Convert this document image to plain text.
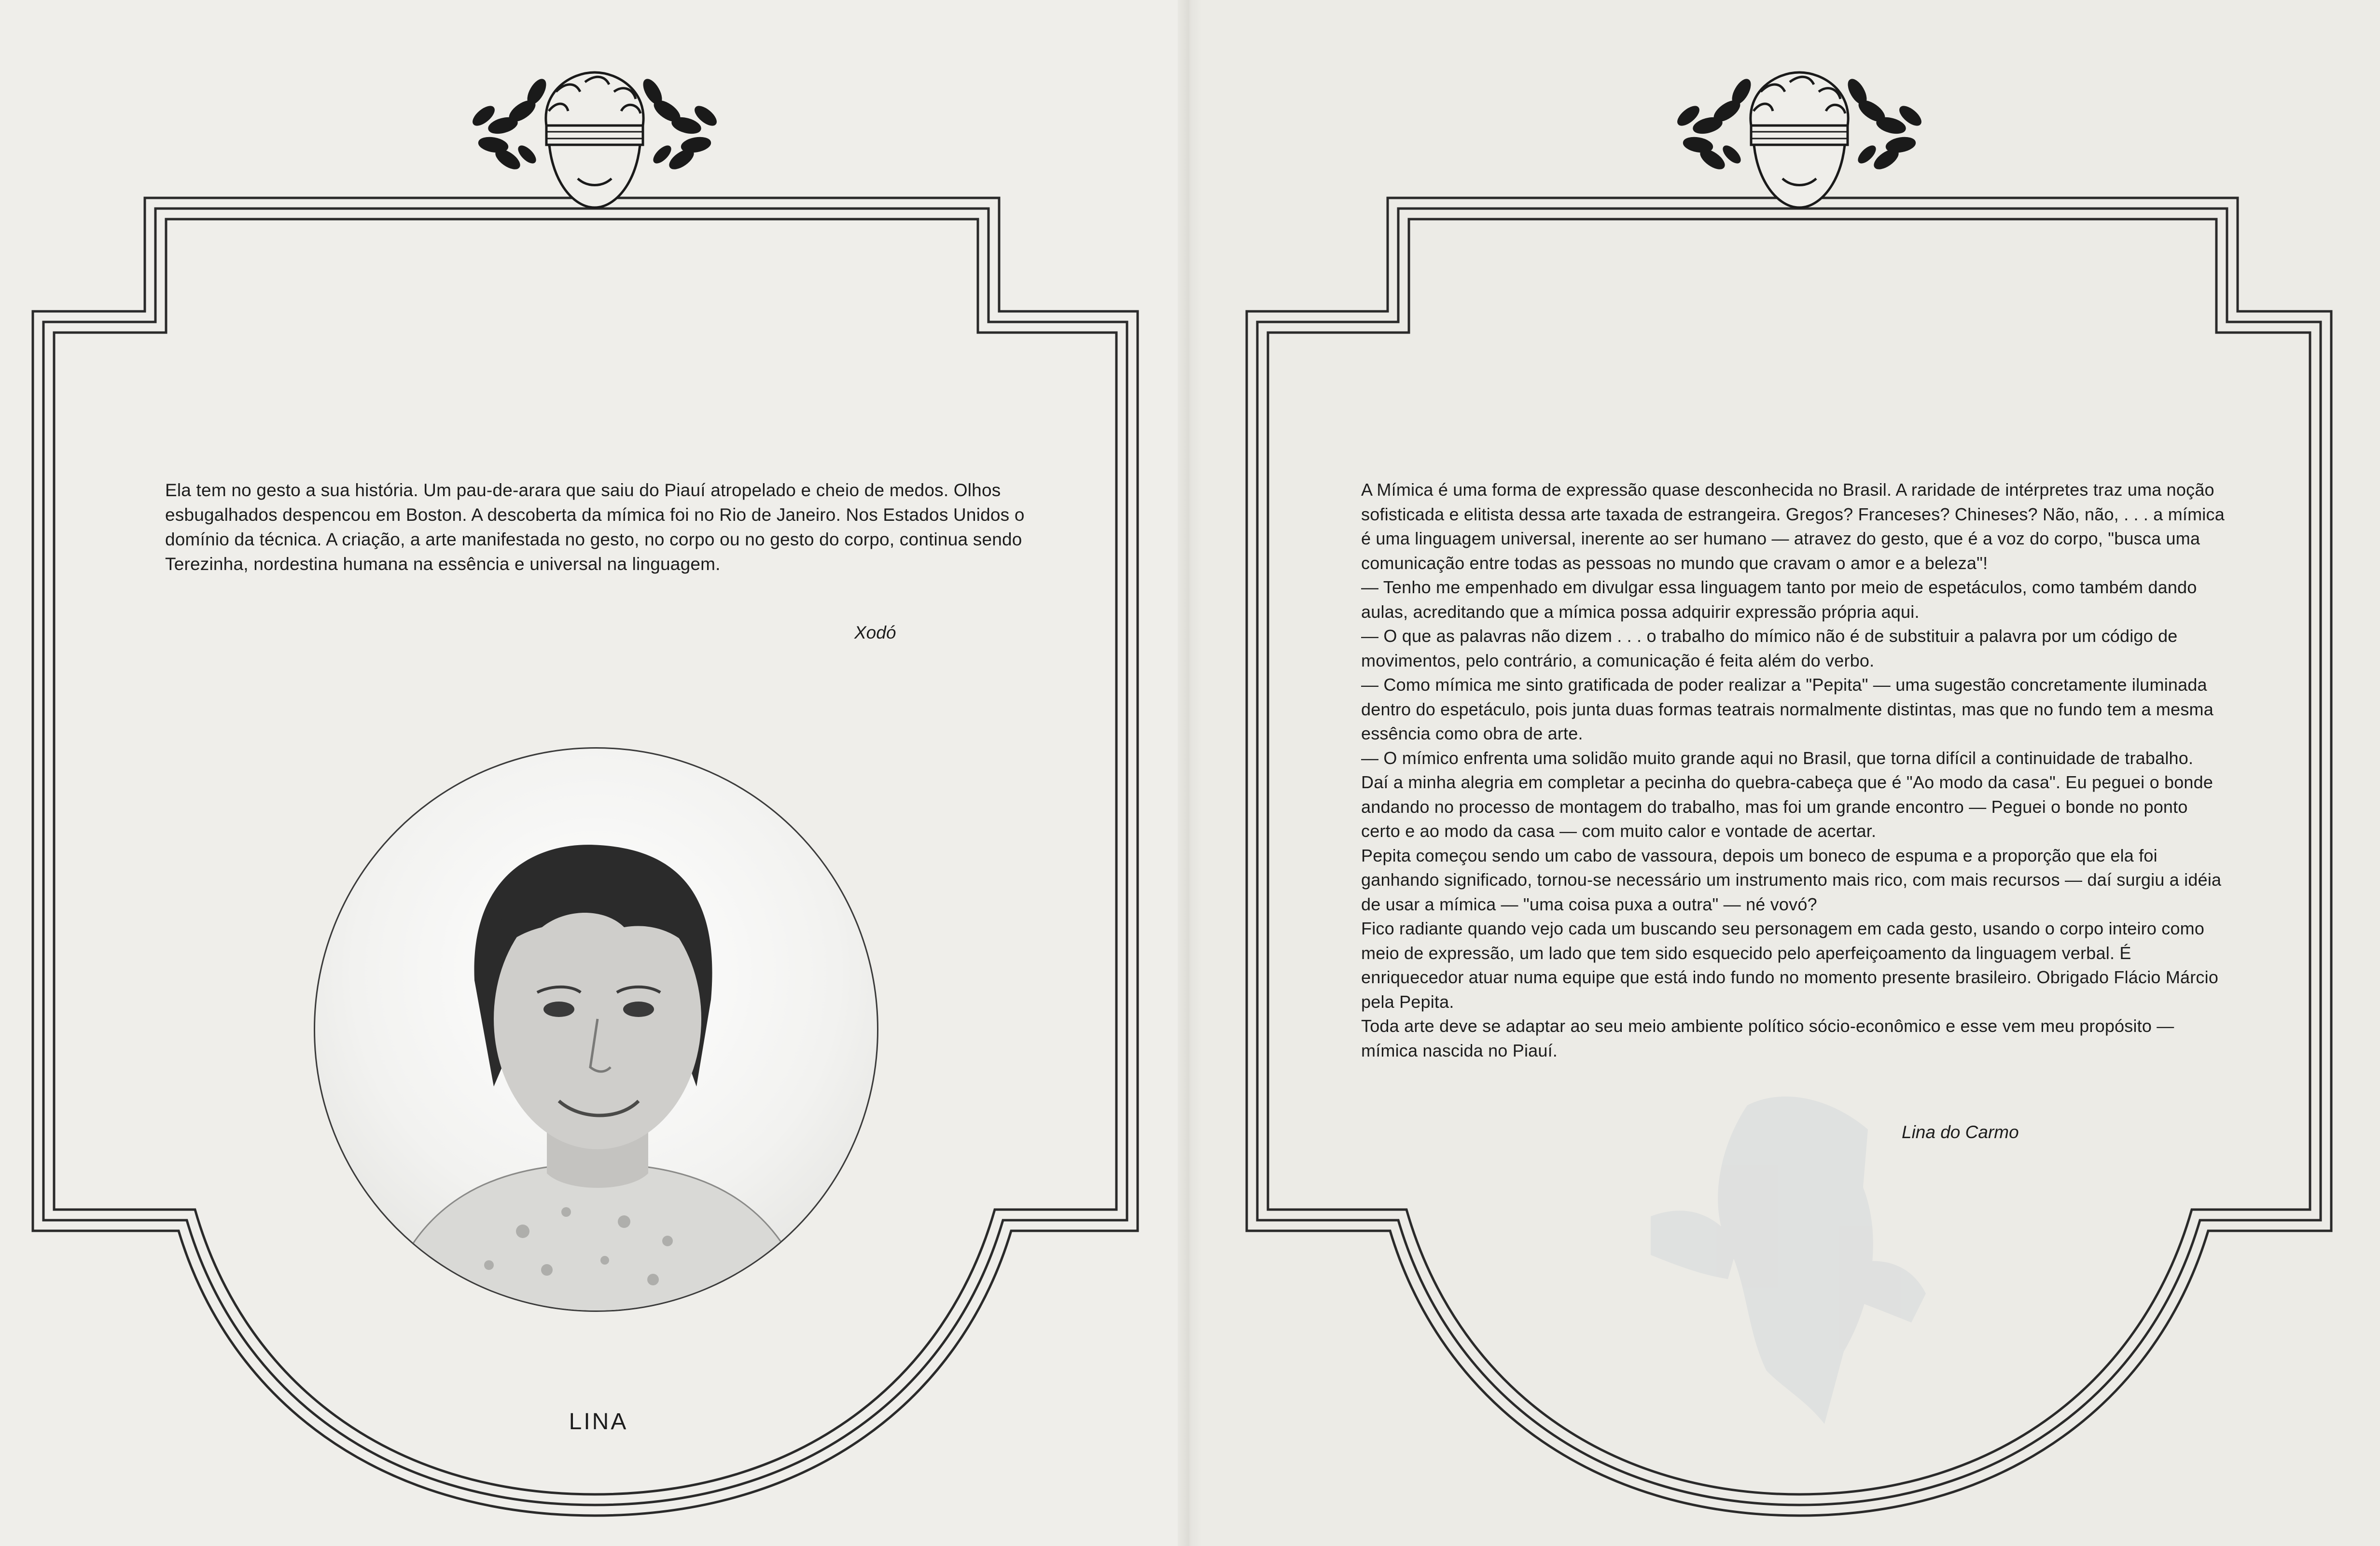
Ela tem no gesto a sua história. Um pau-de-arara que saiu do Piauí atropelado e cheio de medos. Olhos esbugalhados despencou em Boston. A descoberta da mímica foi no Rio de Janeiro. Nos Estados Unidos o domínio da técnica. A criação, a arte manifestada no gesto, no corpo ou no gesto do corpo, continua sendo Terezinha, nordestina humana na essência e universal na linguagem.

Xodó
LINA

A Mímica é uma forma de expressão quase desconhecida no Brasil. A raridade de intérpretes traz uma noção sofisticada e elitista dessa arte taxada de estrangeira. Gregos? Franceses? Chineses? Não, não, . . . a mímica é uma linguagem universal, inerente ao ser humano — atravez do gesto, que é a voz do corpo, "busca uma comunicação entre todas as pessoas no mundo que cravam o amor e a beleza"!

— Tenho me empenhado em divulgar essa linguagem tanto por meio de espetáculos, como também dando aulas, acreditando que a mímica possa adquirir expressão própria aqui.

— O que as palavras não dizem . . . o trabalho do mímico não é de substituir a palavra por um código de movimentos, pelo contrário, a comunicação é feita além do verbo.

— Como mímica me sinto gratificada de poder realizar a "Pepita" — uma sugestão concretamente iluminada dentro do espetáculo, pois junta duas formas teatrais normalmente distintas, mas que no fundo tem a mesma essência como obra de arte.

— O mímico enfrenta uma solidão muito grande aqui no Brasil, que torna difícil a continuidade de trabalho. Daí a minha alegria em completar a pecinha do quebra-cabeça que é "Ao modo da casa". Eu peguei o bonde andando no processo de montagem do trabalho, mas foi um grande encontro — Peguei o bonde no ponto certo e ao modo da casa — com muito calor e vontade de acertar.

Pepita começou sendo um cabo de vassoura, depois um boneco de espuma e a proporção que ela foi ganhando significado, tornou-se necessário um instrumento mais rico, com mais recursos — daí surgiu a idéia de usar a mímica — "uma coisa puxa a outra" — né vovó?

Fico radiante quando vejo cada um buscando seu personagem em cada gesto, usando o corpo inteiro como meio de expressão, um lado que tem sido esquecido pelo aperfeiçoamento da linguagem verbal. É enriquecedor atuar numa equipe que está indo fundo no momento presente brasileiro. Obrigado Flácio Márcio pela Pepita.

Toda arte deve se adaptar ao seu meio ambiente político sócio-econômico e esse vem meu propósito — mímica nascida no Piauí.

Lina do Carmo
